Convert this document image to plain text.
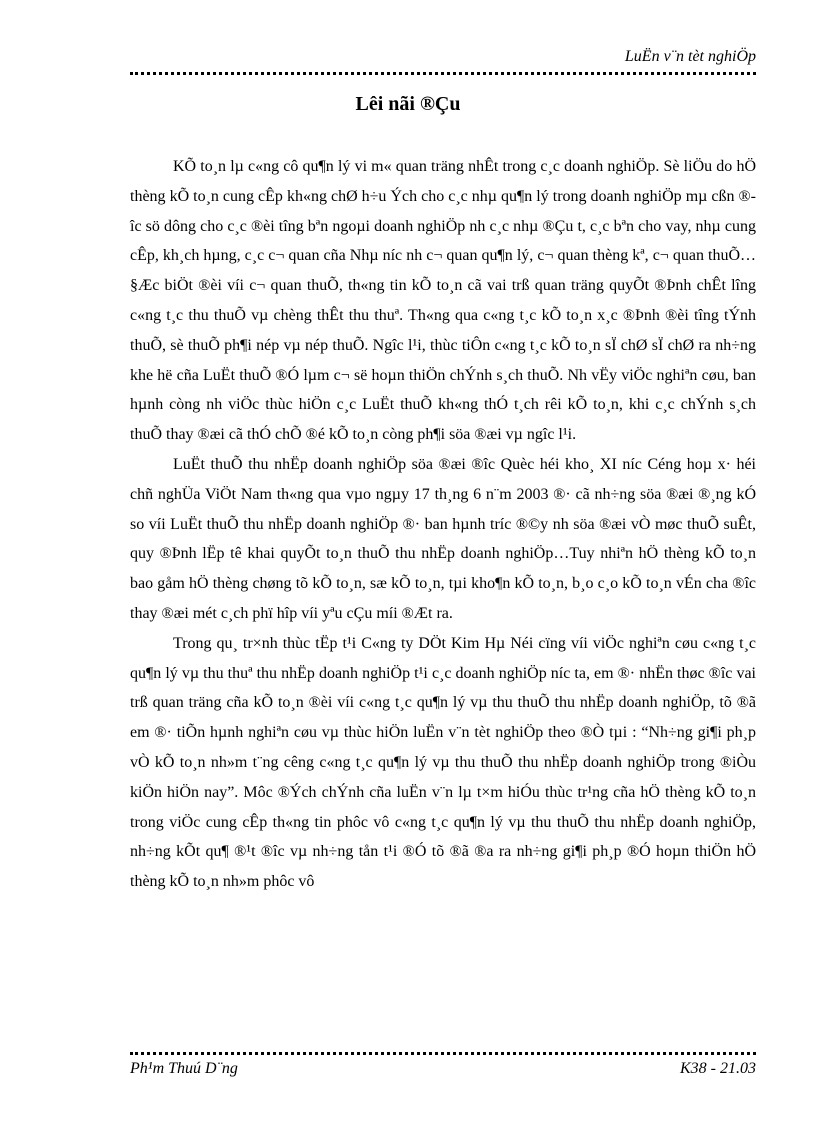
LuËn v¨n tèt nghiÖp
Lêi nãi ®Çu

KÕ to¸n lµ c«ng cô qu¶n lý vi m« quan träng nhÊt trong c¸c doanh nghiÖp. Sè liÖu do hÖ thèng kÕ to¸n cung cÊp kh«ng chØ h÷u Ých cho c¸c nhµ qu¶n lý trong doanh nghiÖp mµ cßn ®îc sö dông cho c¸c ®èi tîng bªn ngoµi doanh nghiÖp nh c¸c nhµ ®Çu t, c¸c bªn cho vay, nhµ cung cÊp, kh¸ch hµng, c¸c c¬ quan cña Nhµ níc nh c¬ quan qu¶n lý, c¬ quan thèng kª, c¬ quan thuÕ…§Æc biÖt ®èi víi c¬ quan thuÕ, th«ng tin kÕ to¸n cã vai trß quan träng quyÕt ®Þnh chÊt lîng c«ng t¸c thu thuÕ vµ chèng thÊt thu thuª. Th«ng qua c«ng t¸c kÕ to¸n x¸c ®Þnh ®èi tîng tÝnh thuÕ, sè thuÕ ph¶i nép vµ nép thuÕ. Ngîc l¹i, thùc tiÔn c«ng t¸c kÕ to¸n sÏ chØ sÏ chØ ra nh÷ng khe hë cña LuËt thuÕ ®Ó lµm c¬ së hoµn thiÖn chÝnh s¸ch thuÕ. Nh vËy viÖc nghiªn cøu, ban hµnh còng nh viÖc thùc hiÖn c¸c LuËt thuÕ kh«ng thÓ t¸ch rêi kÕ to¸n, khi c¸c chÝnh s¸ch thuÕ thay ®æi cã thÓ chÕ ®é kÕ to¸n còng ph¶i söa ®æi vµ ngîc l¹i.

LuËt thuÕ thu nhËp doanh nghiÖp söa ®æi ®îc Quèc héi kho¸ XI níc Céng hoµ x· héi chñ nghÜa ViÖt Nam th«ng qua vµo ngµy 17 th¸ng 6 n¨m 2003 ®· cã nh÷ng söa ®æi ®¸ng kÓ so víi LuËt thuÕ thu nhËp doanh nghiÖp ®· ban hµnh tríc ®©y nh söa ®æi vÒ møc thuÕ suÊt, quy ®Þnh lËp tê khai quyÕt to¸n thuÕ thu nhËp doanh nghiÖp…Tuy nhiªn hÖ thèng kÕ to¸n bao gåm hÖ thèng chøng tõ kÕ to¸n, sæ kÕ to¸n, tµi kho¶n kÕ to¸n, b¸o c¸o kÕ to¸n vÉn cha ®îc thay ®æi mét c¸ch phï hîp víi yªu cÇu míi ®Æt ra.

Trong qu¸ tr×nh thùc tËp t¹i C«ng ty DÖt Kim Hµ Néi cïng víi viÖc nghiªn cøu c«ng t¸c qu¶n lý vµ thu thuª thu nhËp doanh nghiÖp t¹i c¸c doanh nghiÖp níc ta, em ®· nhËn thøc ®îc vai trß quan träng cña kÕ to¸n ®èi víi c«ng t¸c qu¶n lý vµ thu thuÕ thu nhËp doanh nghiÖp, tõ ®ã em ®· tiÕn hµnh nghiªn cøu vµ thùc hiÖn luËn v¨n tèt nghiÖp theo ®Ò tµi : “Nh÷ng gi¶i ph¸p vÒ kÕ to¸n nh»m t¨ng cêng c«ng t¸c qu¶n lý vµ thu thuÕ thu nhËp doanh nghiÖp trong ®iÒu kiÖn hiÖn nay”. Môc ®Ých chÝnh cña luËn v¨n lµ t×m hiÓu thùc tr¹ng cña hÖ thèng kÕ to¸n trong viÖc cung cÊp th«ng tin phôc vô c«ng t¸c qu¶n lý vµ thu thuÕ thu nhËp doanh nghiÖp, nh÷ng kÕt qu¶ ®¹t ®îc vµ nh÷ng tån t¹i ®Ó tõ ®ã ®a ra nh÷ng gi¶i ph¸p ®Ó hoµn thiÖn hÖ thèng kÕ to¸n nh»m phôc vô

Ph¹m Thuú D¨ng	K38 - 21.03
